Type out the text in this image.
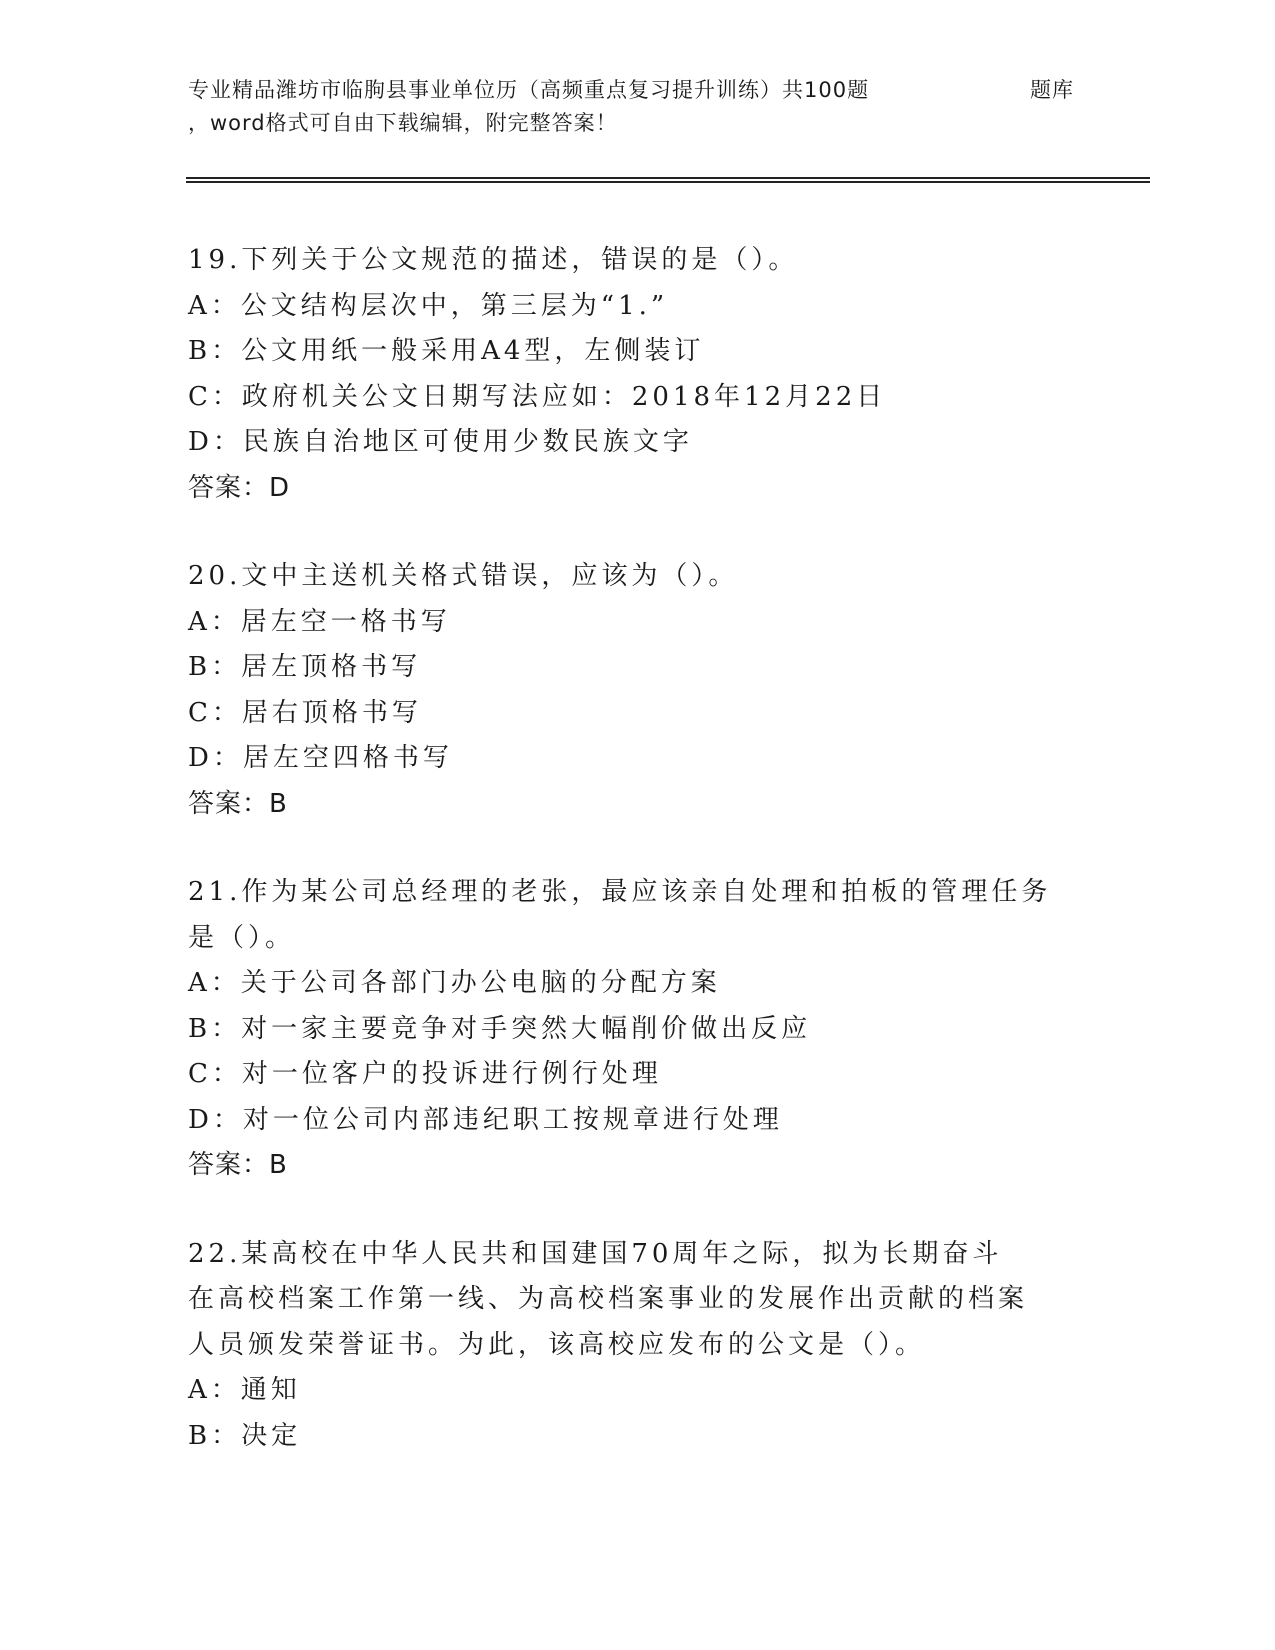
专业精品潍坊市临朐县事业单位历（高频重点复习提升训练）共100题	题库
，word格式可自由下载编辑，附完整答案！
19.下列关于公文规范的描述，错误的是（）。
A：公文结构层次中，第三层为“1.”
B：公文用纸一般采用A4型，左侧装订
C：政府机关公文日期写法应如：2018年12月22日
D：民族自治地区可使用少数民族文字
答案：D
20.文中主送机关格式错误，应该为（）。
A：居左空一格书写
B：居左顶格书写
C：居右顶格书写
D：居左空四格书写
答案：B
21.作为某公司总经理的老张，最应该亲自处理和拍板的管理任务是（）。
A：关于公司各部门办公电脑的分配方案
B：对一家主要竞争对手突然大幅削价做出反应
C：对一位客户的投诉进行例行处理
D：对一位公司内部违纪职工按规章进行处理
答案：B
22.某高校在中华人民共和国建国70周年之际，拟为长期奋斗在高校档案工作第一线、为高校档案事业的发展作出贡献的档案人员颁发荣誉证书。为此，该高校应发布的公文是（）。
A：通知
B：决定
